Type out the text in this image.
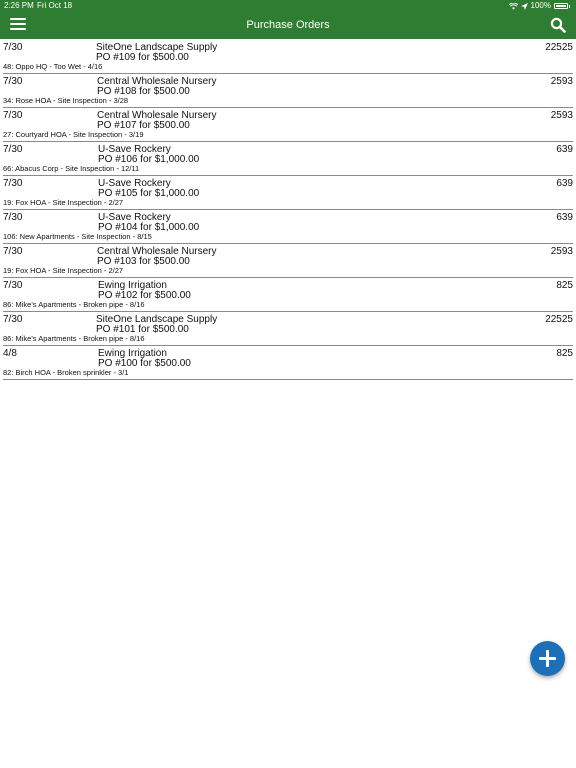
2:26 PM Fri Oct 18	100%
Purchase Orders
7/30	SiteOne Landscape Supply
PO #109 for $500.00
22525
48: Oppo HQ - Too Wet - 4/16
7/30	Central Wholesale Nursery
PO #108 for $500.00
2593
34: Rose HOA - Site Inspection - 3/28
7/30	Central Wholesale Nursery
PO #107 for $500.00
2593
27: Courtyard HOA - Site Inspection - 3/19
7/30	U-Save Rockery
PO #106 for $1,000.00
639
66: Abacus Corp - Site Inspection - 12/11
7/30	U-Save Rockery
PO #105 for $1,000.00
639
19: Fox HOA - Site Inspection - 2/27
7/30	U-Save Rockery
PO #104 for $1,000.00
639
106: New Apartments - Site Inspection - 8/15
7/30	Central Wholesale Nursery
PO #103 for $500.00
2593
19: Fox HOA - Site Inspection - 2/27
7/30	Ewing Irrigation
PO #102 for $500.00
825
86: Mike's Apartments - Broken pipe - 8/16
7/30	SiteOne Landscape Supply
PO #101 for $500.00
22525
86: Mike's Apartments - Broken pipe - 8/16
4/8	Ewing Irrigation
PO #100 for $500.00
825
82: Birch HOA - Broken sprinkler - 3/1
